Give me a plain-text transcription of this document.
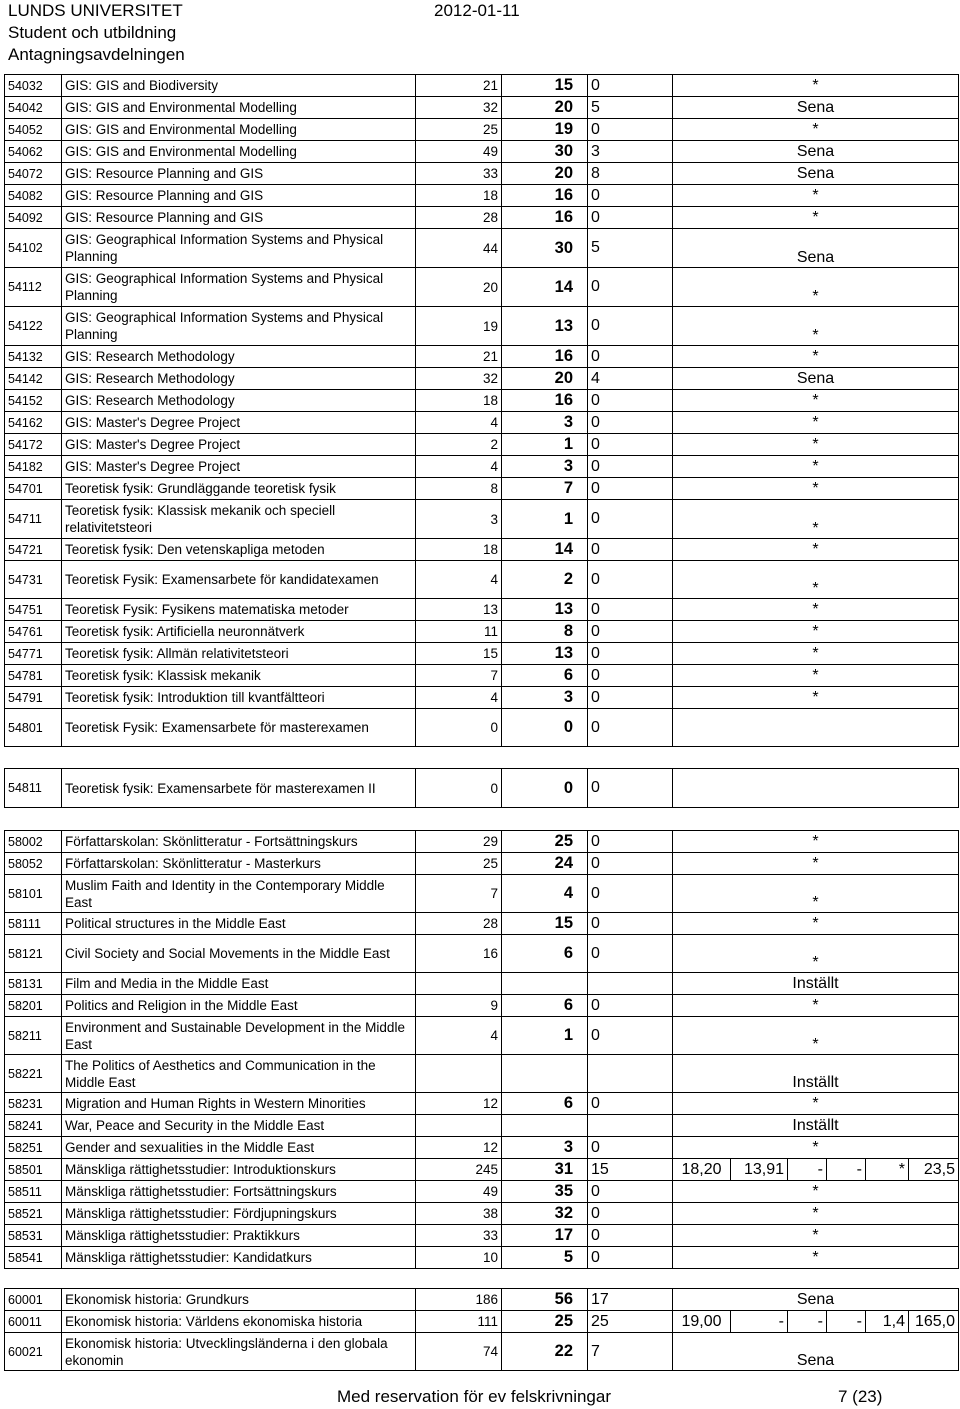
LUNDS UNIVERSITET
Student och utbildning
Antagningsavdelningen
2012-01-11
54032	GIS: GIS and Biodiversity	21	15	0	*					
54042	GIS: GIS and Environmental Modelling	32	20	5	Sena					
54052	GIS: GIS and Environmental Modelling	25	19	0	*					
54062	GIS: GIS and Environmental Modelling	49	30	3	Sena					
54072	GIS: Resource Planning and GIS	33	20	8	Sena					
54082	GIS: Resource Planning and GIS	18	16	0	*					
54092	GIS: Resource Planning and GIS	28	16	0	*					
54102	GIS: Geographical Information Systems and Physical Planning	44	30	5	Sena					
54112	GIS: Geographical Information Systems and Physical Planning	20	14	0	*					
54122	GIS: Geographical Information Systems and Physical Planning	19	13	0	*					
54132	GIS: Research Methodology	21	16	0	*					
54142	GIS: Research Methodology	32	20	4	Sena					
54152	GIS: Research Methodology	18	16	0	*					
54162	GIS: Master's Degree Project	4	3	0	*					
54172	GIS: Master's Degree Project	2	1	0	*					
54182	GIS: Master's Degree Project	4	3	0	*					
54701	Teoretisk fysik: Grundläggande teoretisk fysik	8	7	0	*					
54711	Teoretisk fysik: Klassisk mekanik och speciell relativitetsteori	3	1	0	*					
54721	Teoretisk fysik: Den vetenskapliga metoden	18	14	0	*					
54731	Teoretisk Fysik: Examensarbete för kandidatexamen	4	2	0	*					
54751	Teoretisk Fysik: Fysikens matematiska metoder	13	13	0	*					
54761	Teoretisk fysik: Artificiella neuronnätverk	11	8	0	*					
54771	Teoretisk fysik: Allmän relativitetsteori	15	13	0	*					
54781	Teoretisk fysik: Klassisk mekanik	7	6	0	*					
54791	Teoretisk fysik: Introduktion till kvantfältteori	4	3	0	*					
54801	Teoretisk Fysik: Examensarbete för masterexamen	0	0	0						

54811	Teoretisk fysik: Examensarbete för masterexamen II	0	0	0						

58002	Författarskolan: Skönlitteratur - Fortsättningskurs	29	25	0	*					
58052	Författarskolan: Skönlitteratur - Masterkurs	25	24	0	*					
58101	Muslim Faith and Identity in the Contemporary Middle East	7	4	0	*					
58111	Political structures in the Middle East	28	15	0	*					
58121	Civil Society and Social Movements in the Middle East	16	6	0	*					
58131	Film and Media in the Middle East				Inställt					
58201	Politics and Religion in the Middle East	9	6	0	*					
58211	Environment and Sustainable Development in the Middle East	4	1	0	*					
58221	The Politics of Aesthetics and Communication in the Middle East				Inställt					
58231	Migration and Human Rights in Western Minorities	12	6	0	*					
58241	War, Peace and Security in the Middle East				Inställt					
58251	Gender and sexualities in the Middle East	12	3	0	*					
58501	Mänskliga rättighetsstudier: Introduktionskurs	245	31	15	18,20	13,91	-	-	*	23,5
58511	Mänskliga rättighetsstudier: Fortsättningskurs	49	35	0	*					
58521	Mänskliga rättighetsstudier: Fördjupningskurs	38	32	0	*					
58531	Mänskliga rättighetsstudier: Praktikkurs	33	17	0	*					
58541	Mänskliga rättighetsstudier: Kandidatkurs	10	5	0	*					

60001	Ekonomisk historia: Grundkurs	186	56	17	Sena					
60011	Ekonomisk historia: Världens ekonomiska historia	111	25	25	19,00	-	-	-	1,4	165,0
60021	Ekonomisk historia: Utvecklingsländerna i den globala ekonomin	74	22	7	Sena					
Med reservation för ev felskrivningar	7 (23)
